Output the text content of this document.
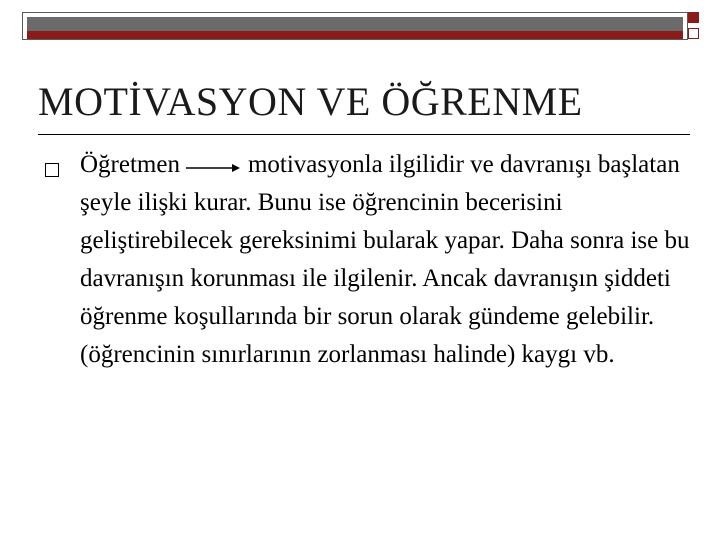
MOTİVASYON VE ÖĞRENME
Öğretmen	motivasyonla ilgilidir ve davranışı başlatan şeyle ilişki kurar. Bunu ise öğrencinin becerisini geliştirebilecek gereksinimi bularak yapar. Daha sonra ise bu davranışın korunması ile ilgilenir. Ancak davranışın şiddeti öğrenme koşullarında bir sorun olarak gündeme gelebilir. (öğrencinin sınırlarının zorlanması halinde) kaygı vb.
